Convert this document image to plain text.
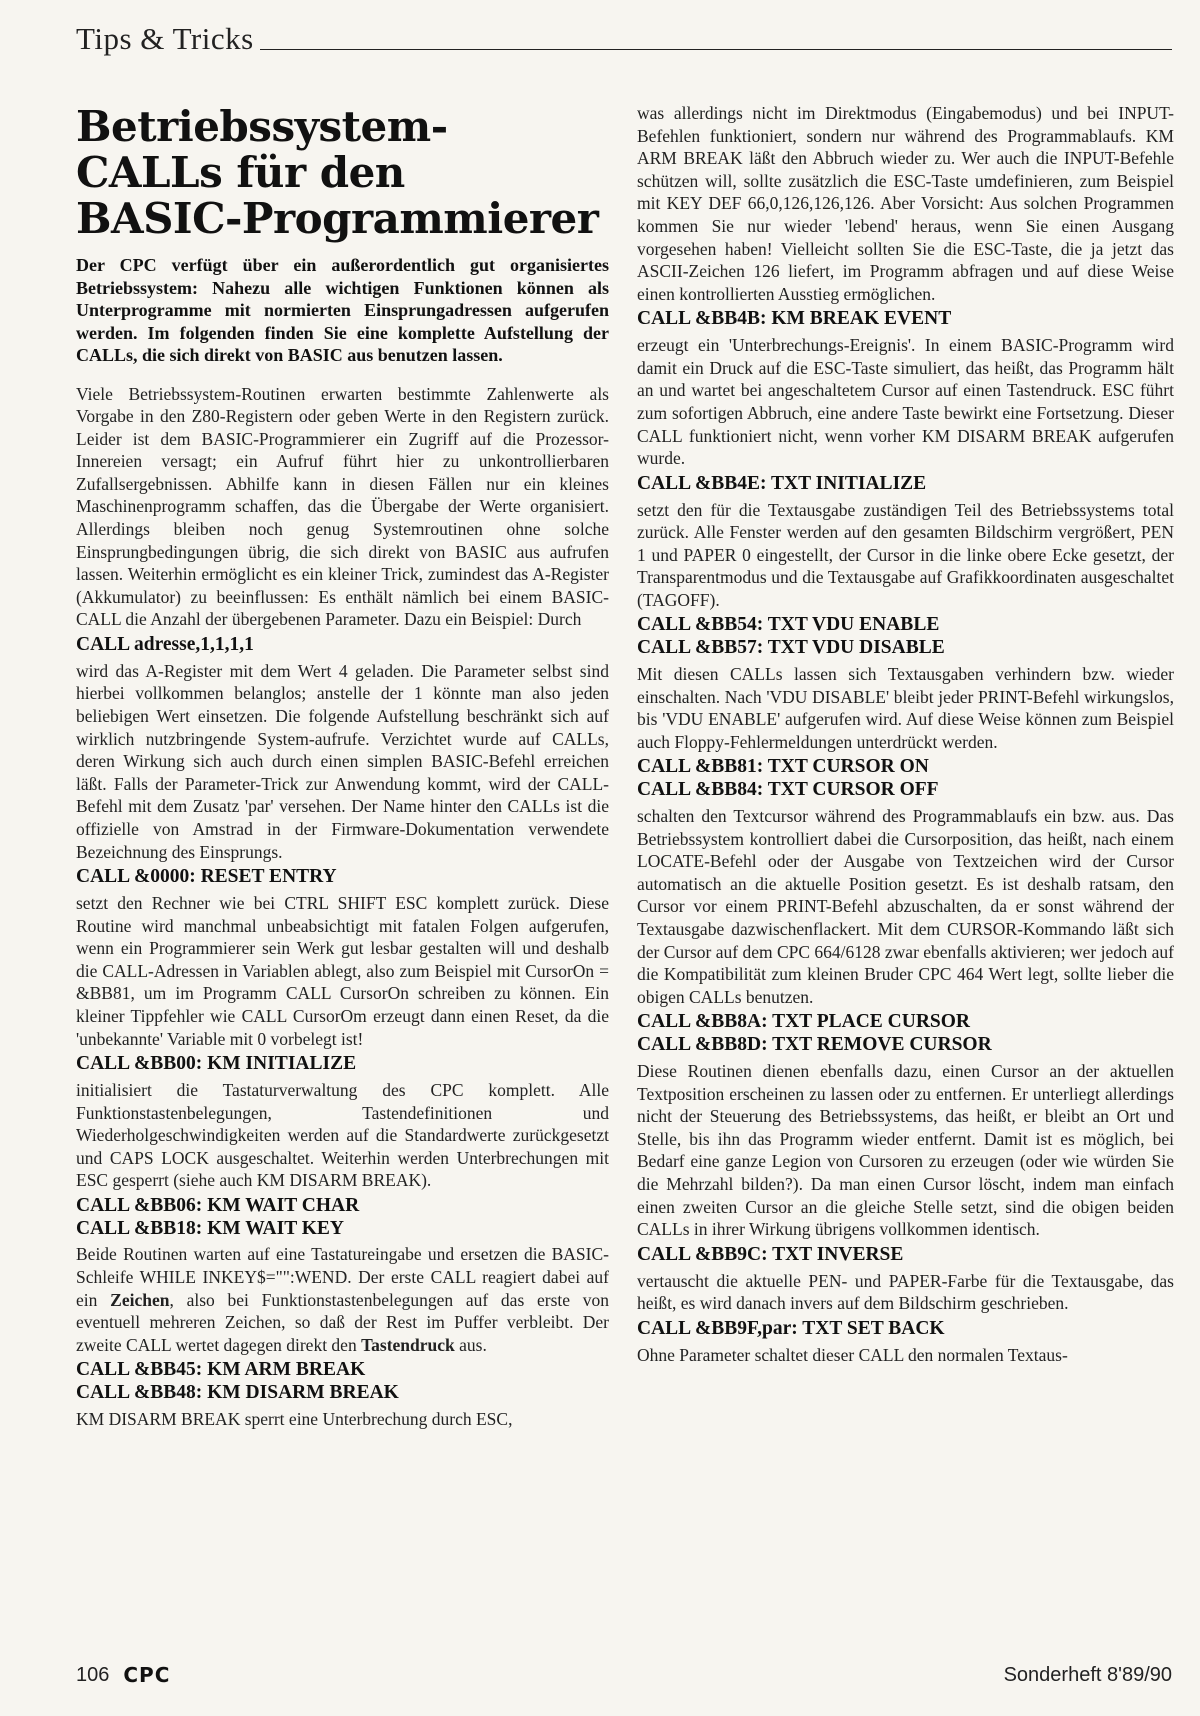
Tips & Tricks
Betriebssystem-
CALLs für den
BASIC-Programmierer

Der CPC verfügt über ein außerordentlich gut organisiertes Betriebssystem: Nahezu alle wichtigen Funktionen können als Unterprogramme mit normierten Einsprungadressen aufgerufen werden. Im folgenden finden Sie eine komplette Aufstellung der CALLs, die sich direkt von BASIC aus benutzen lassen.

Viele Betriebssystem-Routinen erwarten bestimmte Zahlenwerte als Vorgabe in den Z80-Registern oder geben Werte in den Registern zurück. Leider ist dem BASIC-Programmierer ein Zugriff auf die Prozessor-Innereien versagt; ein Aufruf führt hier zu unkontrollierbaren Zufallsergebnissen. Abhilfe kann in diesen Fällen nur ein kleines Maschinenprogramm schaffen, das die Übergabe der Werte organisiert. Allerdings bleiben noch genug Systemroutinen ohne solche Einsprungbedingungen übrig, die sich direkt von BASIC aus aufrufen lassen. Weiterhin ermöglicht es ein kleiner Trick, zumindest das A-Register (Akkumulator) zu beeinflussen: Es enthält nämlich bei einem BASIC-CALL die Anzahl der übergebenen Parameter. Dazu ein Beispiel: Durch

CALL adresse,1,1,1,1

wird das A-Register mit dem Wert 4 geladen. Die Parameter selbst sind hierbei vollkommen belanglos; anstelle der 1 könnte man also jeden beliebigen Wert einsetzen. Die folgende Aufstellung beschränkt sich auf wirklich nutzbringende System-aufrufe. Verzichtet wurde auf CALLs, deren Wirkung sich auch durch einen simplen BASIC-Befehl erreichen läßt. Falls der Parameter-Trick zur Anwendung kommt, wird der CALL-Befehl mit dem Zusatz 'par' versehen. Der Name hinter den CALLs ist die offizielle von Amstrad in der Firmware-Dokumentation verwendete Bezeichnung des Einsprungs.

CALL &0000: RESET ENTRY

setzt den Rechner wie bei CTRL SHIFT ESC komplett zurück. Diese Routine wird manchmal unbeabsichtigt mit fatalen Folgen aufgerufen, wenn ein Programmierer sein Werk gut lesbar gestalten will und deshalb die CALL-Adressen in Variablen ablegt, also zum Beispiel mit CursorOn = &BB81, um im Programm CALL CursorOn schreiben zu können. Ein kleiner Tippfehler wie CALL CursorOm erzeugt dann einen Reset, da die 'unbekannte' Variable mit 0 vorbelegt ist!

CALL &BB00: KM INITIALIZE

initialisiert die Tastaturverwaltung des CPC komplett. Alle Funktionstastenbelegungen, Tastendefinitionen und Wiederholgeschwindigkeiten werden auf die Standardwerte zurückgesetzt und CAPS LOCK ausgeschaltet. Weiterhin werden Unterbrechungen mit ESC gesperrt (siehe auch KM DISARM BREAK).

CALL &BB06: KM WAIT CHAR
CALL &BB18: KM WAIT KEY

Beide Routinen warten auf eine Tastatureingabe und ersetzen die BASIC-Schleife WHILE INKEY$="":WEND. Der erste CALL reagiert dabei auf ein Zeichen, also bei Funktionstastenbelegungen auf das erste von eventuell mehreren Zeichen, so daß der Rest im Puffer verbleibt. Der zweite CALL wertet dagegen direkt den Tastendruck aus.

CALL &BB45: KM ARM BREAK
CALL &BB48: KM DISARM BREAK

KM DISARM BREAK sperrt eine Unterbrechung durch ESC,

was allerdings nicht im Direktmodus (Eingabemodus) und bei INPUT-Befehlen funktioniert, sondern nur während des Programmablaufs. KM ARM BREAK läßt den Abbruch wieder zu. Wer auch die INPUT-Befehle schützen will, sollte zusätzlich die ESC-Taste umdefinieren, zum Beispiel mit KEY DEF 66,0,126,126,126. Aber Vorsicht: Aus solchen Programmen kommen Sie nur wieder 'lebend' heraus, wenn Sie einen Ausgang vorgesehen haben! Vielleicht sollten Sie die ESC-Taste, die ja jetzt das ASCII-Zeichen 126 liefert, im Programm abfragen und auf diese Weise einen kontrollierten Ausstieg ermöglichen.

CALL &BB4B: KM BREAK EVENT

erzeugt ein 'Unterbrechungs-Ereignis'. In einem BASIC-Programm wird damit ein Druck auf die ESC-Taste simuliert, das heißt, das Programm hält an und wartet bei angeschaltetem Cursor auf einen Tastendruck. ESC führt zum sofortigen Abbruch, eine andere Taste bewirkt eine Fortsetzung. Dieser CALL funktioniert nicht, wenn vorher KM DISARM BREAK aufgerufen wurde.

CALL &BB4E: TXT INITIALIZE

setzt den für die Textausgabe zuständigen Teil des Betriebssystems total zurück. Alle Fenster werden auf den gesamten Bildschirm vergrößert, PEN 1 und PAPER 0 eingestellt, der Cursor in die linke obere Ecke gesetzt, der Transparentmodus und die Textausgabe auf Grafikkoordinaten ausgeschaltet (TAGOFF).

CALL &BB54: TXT VDU ENABLE
CALL &BB57: TXT VDU DISABLE

Mit diesen CALLs lassen sich Textausgaben verhindern bzw. wieder einschalten. Nach 'VDU DISABLE' bleibt jeder PRINT-Befehl wirkungslos, bis 'VDU ENABLE' aufgerufen wird. Auf diese Weise können zum Beispiel auch Floppy-Fehlermeldungen unterdrückt werden.

CALL &BB81: TXT CURSOR ON
CALL &BB84: TXT CURSOR OFF

schalten den Textcursor während des Programmablaufs ein bzw. aus. Das Betriebssystem kontrolliert dabei die Cursorposition, das heißt, nach einem LOCATE-Befehl oder der Ausgabe von Textzeichen wird der Cursor automatisch an die aktuelle Position gesetzt. Es ist deshalb ratsam, den Cursor vor einem PRINT-Befehl abzuschalten, da er sonst während der Textausgabe dazwischenflackert. Mit dem CURSOR-Kommando läßt sich der Cursor auf dem CPC 664/6128 zwar ebenfalls aktivieren; wer jedoch auf die Kompatibilität zum kleinen Bruder CPC 464 Wert legt, sollte lieber die obigen CALLs benutzen.

CALL &BB8A: TXT PLACE CURSOR
CALL &BB8D: TXT REMOVE CURSOR

Diese Routinen dienen ebenfalls dazu, einen Cursor an der aktuellen Textposition erscheinen zu lassen oder zu entfernen. Er unterliegt allerdings nicht der Steuerung des Betriebssystems, das heißt, er bleibt an Ort und Stelle, bis ihn das Programm wieder entfernt. Damit ist es möglich, bei Bedarf eine ganze Legion von Cursoren zu erzeugen (oder wie würden Sie die Mehrzahl bilden?). Da man einen Cursor löscht, indem man einfach einen zweiten Cursor an die gleiche Stelle setzt, sind die obigen beiden CALLs in ihrer Wirkung übrigens vollkommen identisch.

CALL &BB9C: TXT INVERSE

vertauscht die aktuelle PEN- und PAPER-Farbe für die Textausgabe, das heißt, es wird danach invers auf dem Bildschirm geschrieben.

CALL &BB9F,par: TXT SET BACK

Ohne Parameter schaltet dieser CALL den normalen Textaus-

106 CPC	Sonderheft 8'89/90
